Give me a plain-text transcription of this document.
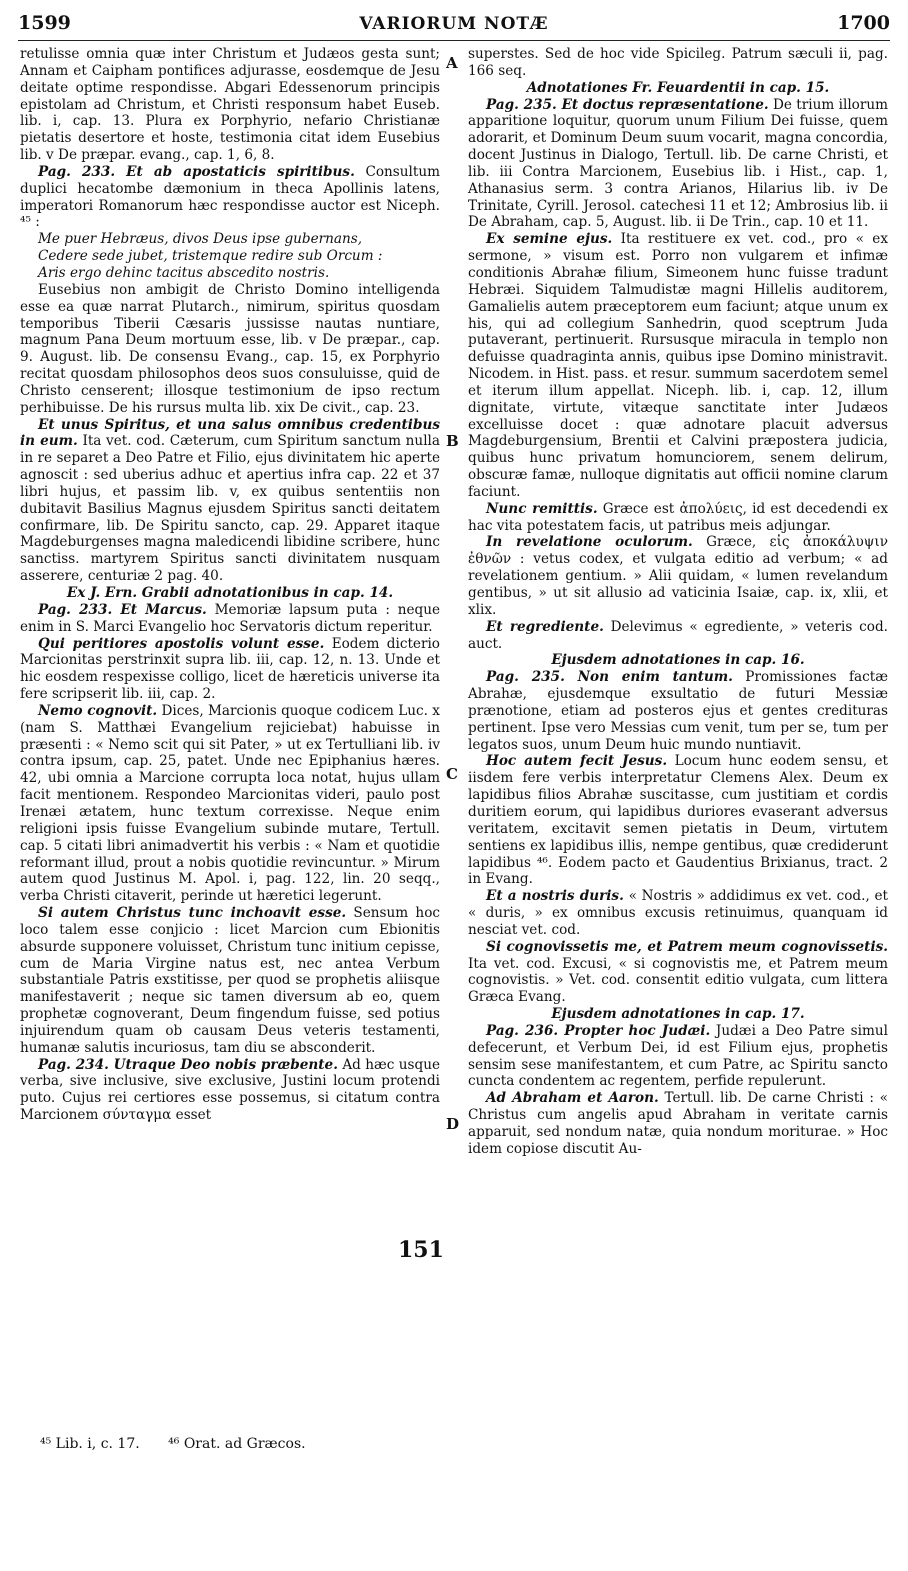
1599	VARIORUM NOTÆ	1700
A
B
C
D
151

retulisse omnia quæ inter Christum et Judæos gesta sunt; Annam et Caipham pontifices adjurasse, eosdemque de Jesu deitate optime respondisse. Abgari Edessenorum principis epistolam ad Christum, et Christi responsum habet Euseb. lib. i, cap. 13. Plura ex Porphyrio, nefario Christianæ pietatis desertore et hoste, testimonia citat idem Eusebius lib. v De præpar. evang., cap. 1, 6, 8.

Pag. 233. Et ab apostaticis spiritibus. Consultum duplici hecatombe dæmonium in theca Apollinis latens, imperatori Romanorum hæc respondisse auctor est Niceph. ⁴⁵ :

Me puer Hebræus, divos Deus ipse gubernans,

Cedere sede jubet, tristemque redire sub Orcum :

Aris ergo dehinc tacitus abscedito nostris.

Eusebius non ambigit de Christo Domino intelligenda esse ea quæ narrat Plutarch., nimirum, spiritus quosdam temporibus Tiberii Cæsaris jussisse nautas nuntiare, magnum Pana Deum mortuum esse, lib. v De præpar., cap. 9. August. lib. De consensu Evang., cap. 15, ex Porphyrio recitat quosdam philosophos deos suos consuluisse, quid de Christo censerent; illosque testimonium de ipso rectum perhibuisse. De his rursus multa lib. xix De civit., cap. 23.

Et unus Spiritus, et una salus omnibus credentibus in eum. Ita vet. cod. Cæterum, cum Spiritum sanctum nulla in re separet a Deo Patre et Filio, ejus divinitatem hic aperte agnoscit : sed uberius adhuc et apertius infra cap. 22 et 37 libri hujus, et passim lib. v, ex quibus sententiis non dubitavit Basilius Magnus ejusdem Spiritus sancti deitatem confirmare, lib. De Spiritu sancto, cap. 29. Apparet itaque Magdeburgenses magna maledicendi libidine scribere, hunc sanctiss. martyrem Spiritus sancti divinitatem nusquam asserere, centuriæ 2 pag. 40.

Ex J. Ern. Grabii adnotationibus in cap. 14.

Pag. 233. Et Marcus. Memoriæ lapsum puta : neque enim in S. Marci Evangelio hoc Servatoris dictum reperitur.

Qui peritiores apostolis volunt esse. Eodem dicterio Marcionitas perstrinxit supra lib. iii, cap. 12, n. 13. Unde et hic eosdem respexisse colligo, licet de hæreticis universe ita fere scripserit lib. iii, cap. 2.

Nemo cognovit. Dices, Marcionis quoque codicem Luc. x (nam S. Matthæi Evangelium rejiciebat) habuisse in præsenti : « Nemo scit qui sit Pater, » ut ex Tertulliani lib. iv contra ipsum, cap. 25, patet. Unde nec Epiphanius hæres. 42, ubi omnia a Marcione corrupta loca notat, hujus ullam facit mentionem. Respondeo Marcionitas videri, paulo post Irenæi ætatem, hunc textum correxisse. Neque enim religioni ipsis fuisse Evangelium subinde mutare, Tertull. cap. 5 citati libri animadvertit his verbis : « Nam et quotidie reformant illud, prout a nobis quotidie revincuntur. » Mirum autem quod Justinus M. Apol. i, pag. 122, lin. 20 seqq., verba Christi citaverit, perinde ut hæretici legerunt.

Si autem Christus tunc inchoavit esse. Sensum hoc loco talem esse conjicio : licet Marcion cum Ebionitis absurde supponere voluisset, Christum tunc initium cepisse, cum de Maria Virgine natus est, nec antea Verbum substantiale Patris exstitisse, per quod se prophetis aliisque manifestaverit ; neque sic tamen diversum ab eo, quem prophetæ cognoverant, Deum fingendum fuisse, sed potius injuirendum quam ob causam Deus veteris testamenti, humanæ salutis incuriosus, tam diu se absconderit.

Pag. 234. Utraque Deo nobis præbente. Ad hæc usque verba, sive inclusive, sive exclusive, Justini locum protendi puto. Cujus rei certiores esse possemus, si citatum contra Marcionem σύνταγμα esset

superstes. Sed de hoc vide Spicileg. Patrum sæculi ii, pag. 166 seq.

Adnotationes Fr. Feuardentii in cap. 15.

Pag. 235. Et doctus repræsentatione. De trium illorum apparitione loquitur, quorum unum Filium Dei fuisse, quem adorarit, et Dominum Deum suum vocarit, magna concordia, docent Justinus in Dialogo, Tertull. lib. De carne Christi, et lib. iii Contra Marcionem, Eusebius lib. i Hist., cap. 1, Athanasius serm. 3 contra Arianos, Hilarius lib. iv De Trinitate, Cyrill. Jerosol. catechesi 11 et 12; Ambrosius lib. ii De Abraham, cap. 5, August. lib. ii De Trin., cap. 10 et 11.

Ex semine ejus. Ita restituere ex vet. cod., pro « ex sermone, » visum est. Porro non vulgarem et infimæ conditionis Abrahæ filium, Simeonem hunc fuisse tradunt Hebræi. Siquidem Talmudistæ magni Hillelis auditorem, Gamalielis autem præceptorem eum faciunt; atque unum ex his, qui ad collegium Sanhedrin, quod sceptrum Juda putaverant, pertinuerit. Rursusque miracula in templo non defuisse quadraginta annis, quibus ipse Domino ministravit. Nicodem. in Hist. pass. et resur. summum sacerdotem semel et iterum illum appellat. Niceph. lib. i, cap. 12, illum dignitate, virtute, vitæque sanctitate inter Judæos excelluisse docet : quæ adnotare placuit adversus Magdeburgensium, Brentii et Calvini præpostera judicia, quibus hunc privatum homunciorem, senem delirum, obscuræ famæ, nulloque dignitatis aut officii nomine clarum faciunt.

Nunc remittis. Græce est ἀπολύεις, id est decedendi ex hac vita potestatem facis, ut patribus meis adjungar.

In revelatione oculorum. Græce, εἰς ἀποκάλυψιν ἐθνῶν : vetus codex, et vulgata editio ad verbum; « ad revelationem gentium. » Alii quidam, « lumen revelandum gentibus, » ut sit allusio ad vaticinia Isaiæ, cap. ix, xlii, et xlix.

Et regrediente. Delevimus « egrediente, » veteris cod. auct.

Ejusdem adnotationes in cap. 16.

Pag. 235. Non enim tantum. Promissiones factæ Abrahæ, ejusdemque exsultatio de futuri Messiæ prænotione, etiam ad posteros ejus et gentes credituras pertinent. Ipse vero Messias cum venit, tum per se, tum per legatos suos, unum Deum huic mundo nuntiavit.

Hoc autem fecit Jesus. Locum hunc eodem sensu, et iisdem fere verbis interpretatur Clemens Alex. Deum ex lapidibus filios Abrahæ suscitasse, cum justitiam et cordis duritiem eorum, qui lapidibus duriores evaserant adversus veritatem, excitavit semen pietatis in Deum, virtutem sentiens ex lapidibus illis, nempe gentibus, quæ crediderunt lapidibus ⁴⁶. Eodem pacto et Gaudentius Brixianus, tract. 2 in Evang.

Et a nostris duris. « Nostris » addidimus ex vet. cod., et « duris, » ex omnibus excusis retinuimus, quanquam id nesciat vet. cod.

Si cognovissetis me, et Patrem meum cognovissetis. Ita vet. cod. Excusi, « si cognovistis me, et Patrem meum cognovistis. » Vet. cod. consentit editio vulgata, cum littera Græca Evang.

Ejusdem adnotationes in cap. 17.

Pag. 236. Propter hoc Judæi. Judæi a Deo Patre simul defecerunt, et Verbum Dei, id est Filium ejus, prophetis sensim sese manifestantem, et cum Patre, ac Spiritu sancto cuncta condentem ac regentem, perfide repulerunt.

Ad Abraham et Aaron. Tertull. lib. De carne Christi : « Christus cum angelis apud Abraham in veritate carnis apparuit, sed nondum natæ, quia nondum moriturae. » Hoc idem copiose discutit Au-

⁴⁵ Lib. i, c. 17. ⁴⁶ Orat. ad Græcos.
